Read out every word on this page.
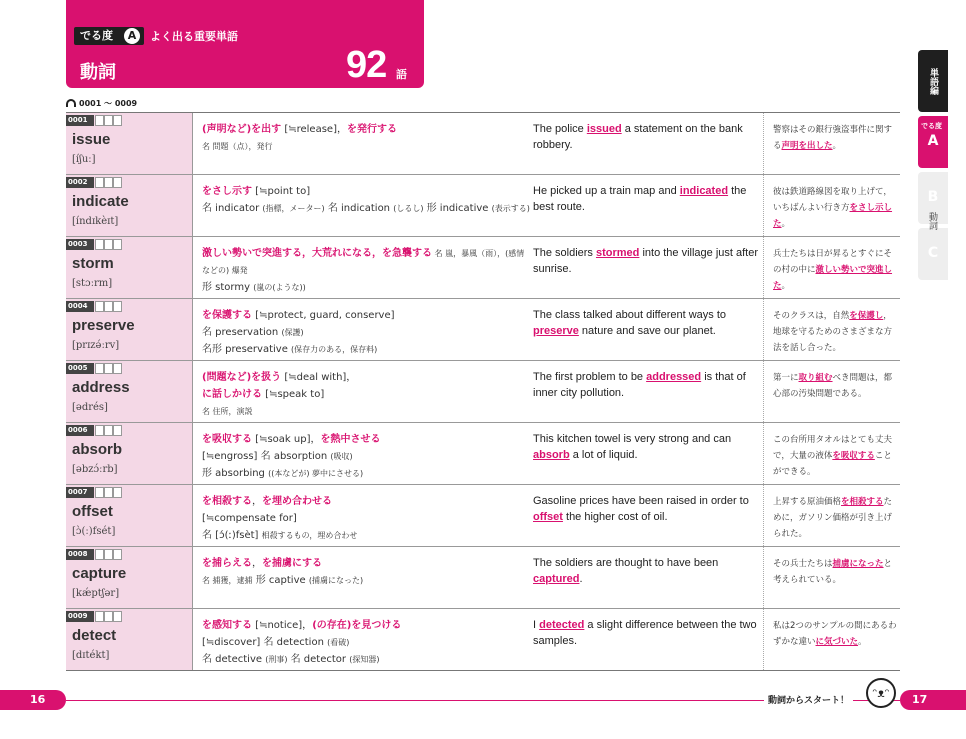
でる度	A	よく出る重要単語
動詞	92 語
0001 ～ 0009
0001
issue
[íʃuː]
(声明など)を出す [≒release]，を発行する
名 問題（点），発行
The police issued a statement on the bank robbery.
警察はその銀行強盗事件に関する声明を出した。
0002
indicate
[índɪkèɪt]
をさし示す [≒point to]
名 indicator (指標，メーター) 名 indication (しるし) 形 indicative (表示する)
He picked up a train map and indicated the best route.
彼は鉄道路線図を取り上げて，いちばんよい行き方をさし示した。
0003
storm
[stɔːrm]
激しい勢いで突進する，大荒れになる，を急襲する 名 嵐，暴風（雨），(感情などの) 爆発
形 stormy (嵐の(ような))
The soldiers stormed into the village just after sunrise.
兵士たちは日が昇るとすぐにその村の中に激しい勢いで突進した。
0004
preserve
[prɪzə́ːrv]
を保護する [≒protect, guard, conserve]
名 preservation (保護)
名形 preservative (保存力のある，保存料)
The class talked about different ways to preserve nature and save our planet.
そのクラスは，自然を保護し，地球を守るためのさまざまな方法を話し合った。
0005
address
[ədrés]
(問題など)を扱う [≒deal with]，
に話しかける [≒speak to]
名 住所，演説
The first problem to be addressed is that of inner city pollution.
第一に取り組むべき問題は，都心部の汚染問題である。
0006
absorb
[əbzɔ́ːrb]
を吸収する [≒soak up]，を熱中させる
[≒engross] 名 absorption (吸収)
形 absorbing ((本などが) 夢中にさせる)
This kitchen towel is very strong and can absorb a lot of liquid.
この台所用タオルはとても丈夫で，大量の液体を吸収することができる。
0007
offset
[ɔ̀(ː)fsét]
を相殺する，を埋め合わせる
[≒compensate for]
名 [ɔ́(ː)fsèt] 相殺するもの，埋め合わせ
Gasoline prices have been raised in order to offset the higher cost of oil.
上昇する原油価格を相殺するために，ガソリン価格が引き上げられた。
0008
capture
[kǽptʃər]
を捕らえる，を捕虜にする
名 捕獲，逮捕 形 captive (捕虜になった)
The soldiers are thought to have been captured.
その兵士たちは捕虜になったと考えられている。
0009
detect
[dɪtékt]
を感知する [≒notice]，(の存在)を見つける
[≒discover] 名 detection (看破)
名 detective (刑事) 名 detector (探知器)
I detected a slight difference between the two samples.
私は2つのサンプルの間にあるわずかな違いに気づいた。
単語編
でる度
A
B
C
動詞
16	動詞からスタート！
ᵔᴥᵔ	17
